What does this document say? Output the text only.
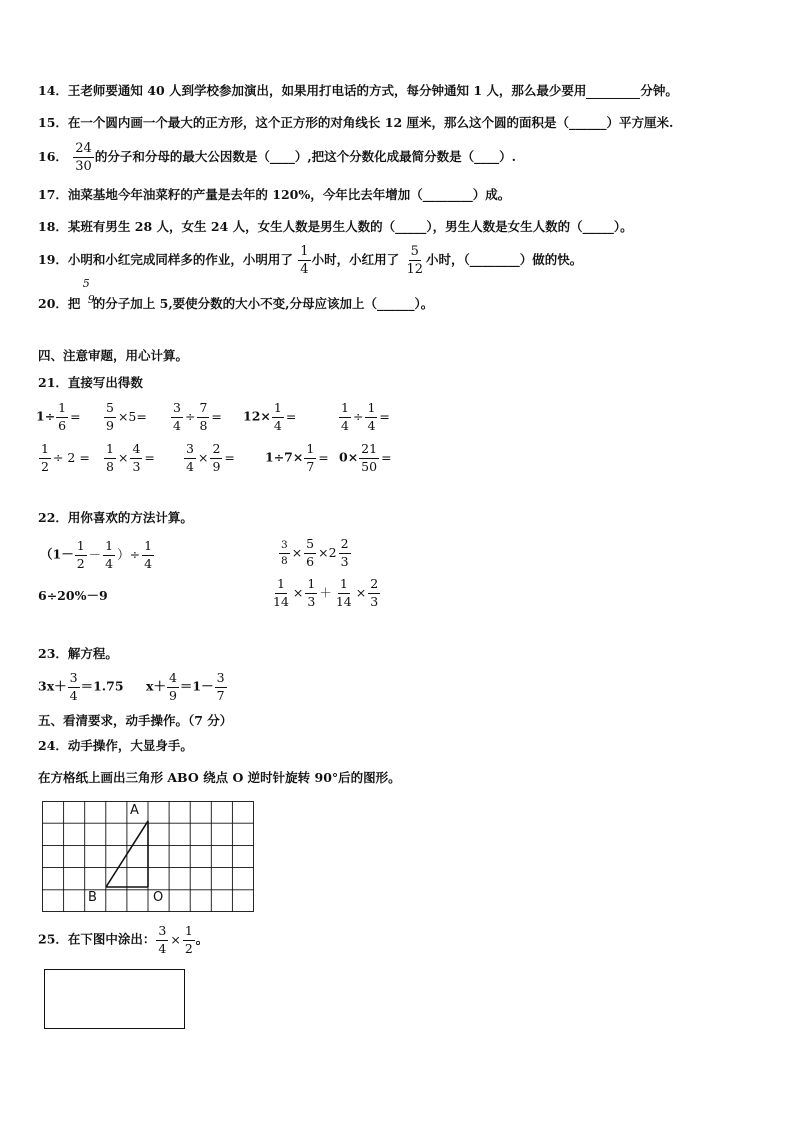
14．王老师要通知 40 人到学校参加演出，如果用打电话的方式，每分钟通知 1 人，那么最少要用	分钟。
15．在一个圆内画一个最大的正方形，这个正方形的对角线长 12 厘米，那么这个圆的面积是（______）平方厘米.
16． $\frac{24}{30}$ 的分子和分母的最大公因数是（____）,把这个分数化成最简分数是（____）.
17．油菜基地今年油菜籽的产量是去年的 120%，今年比去年增加（________）成。
18．某班有男生 28 人，女生 24 人，女生人数是男生人数的（_____），男生人数是女生人数的（_____）。
19．小明和小红完成同样多的作业，小明用了 $\frac{1}{4}$ 小时，小红用了 $\frac{5}{12}$ 小时，（________）做的快。
20．把
5
9
的分子加上 5,要使分数的大小不变,分母应该加上（______）。
四、注意审题，用心计算。
21．直接写出得数
$1\div \frac{1}{6} = \frac{5}{9} \times 5= \frac{3}{4} \div \frac{7}{8} = 12\times \frac{1}{4}$ =	$\frac{1}{4} \div \frac{1}{4}$ =
$\frac{1}{2} \div 2 = \frac{1}{8} \times \frac{4}{3} = \frac{3}{4} \times \frac{2}{9} = 1\div 7\times \frac{1}{7} = 0\times \frac{21}{50}$ =
22．用你喜欢的方法计算。
（$1- \frac{1}{2} - \frac{1}{4}$ ）÷ $\frac{1}{4}$	$\frac{3}{8} \times \frac{5}{6} \times 2 \frac{2}{3}$
6÷20%－9	$\frac{1}{14} \times \frac{1}{3} + \frac{1}{14} \times \frac{2}{3}$
23．解方程。
$3x+ \frac{3}{4} =1.75$ $x+ \frac{4}{9} =1- \frac{3}{7}$
五、看清要求，动手操作。（7 分）
24．动手操作，大显身手。
在方格纸上画出三角形 ABO 绕点 O 逆时针旋转 90°后的图形。
A
B	O
25．在下图中涂出： $\frac{3}{4} \times \frac{1}{2}$ 。
